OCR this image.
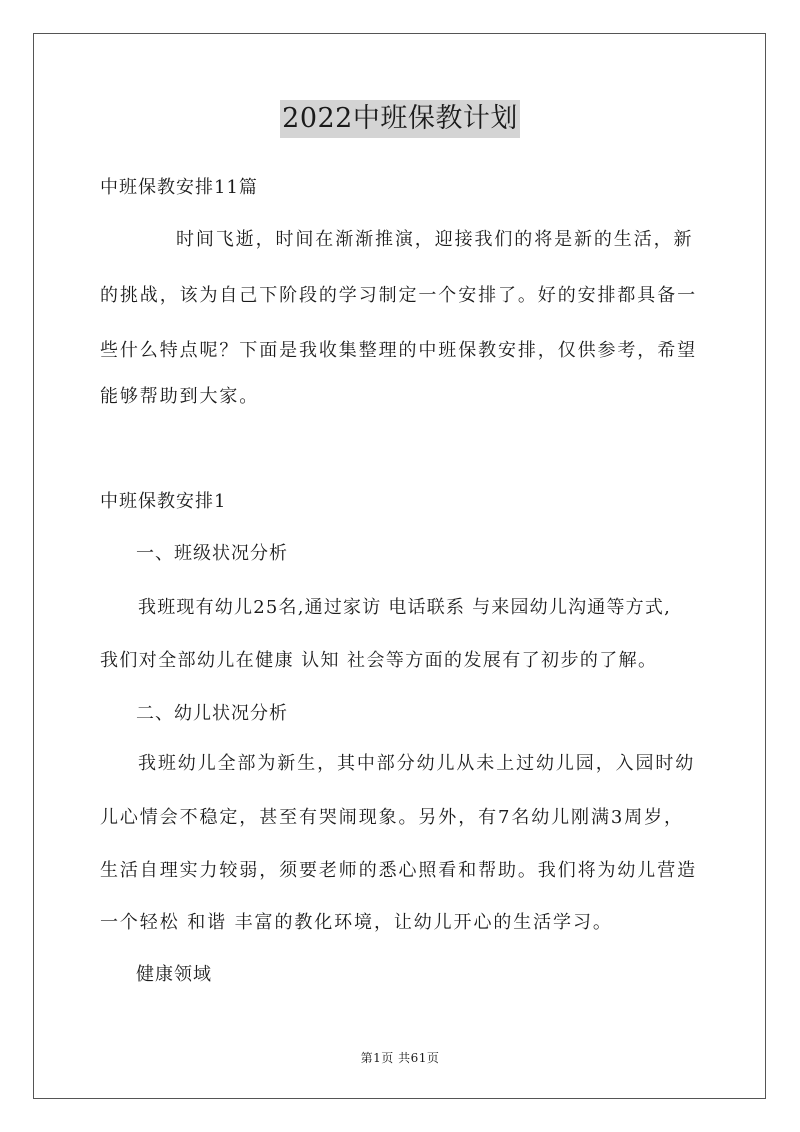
2022中班保教计划
中班保教安排11篇
时间飞逝，时间在渐渐推演，迎接我们的将是新的生活，新
的挑战，该为自己下阶段的学习制定一个安排了。好的安排都具备一
些什么特点呢？下面是我收集整理的中班保教安排，仅供参考，希望
能够帮助到大家。
中班保教安排1
一、班级状况分析
我班现有幼儿25名,通过家访 电话联系 与来园幼儿沟通等方式,
我们对全部幼儿在健康 认知 社会等方面的发展有了初步的了解。
二、幼儿状况分析
我班幼儿全部为新生，其中部分幼儿从未上过幼儿园，入园时幼
儿心情会不稳定，甚至有哭闹现象。另外，有7名幼儿刚满3周岁，
生活自理实力较弱，须要老师的悉心照看和帮助。我们将为幼儿营造
一个轻松 和谐 丰富的教化环境，让幼儿开心的生活学习。
健康领域
第1页 共61页
